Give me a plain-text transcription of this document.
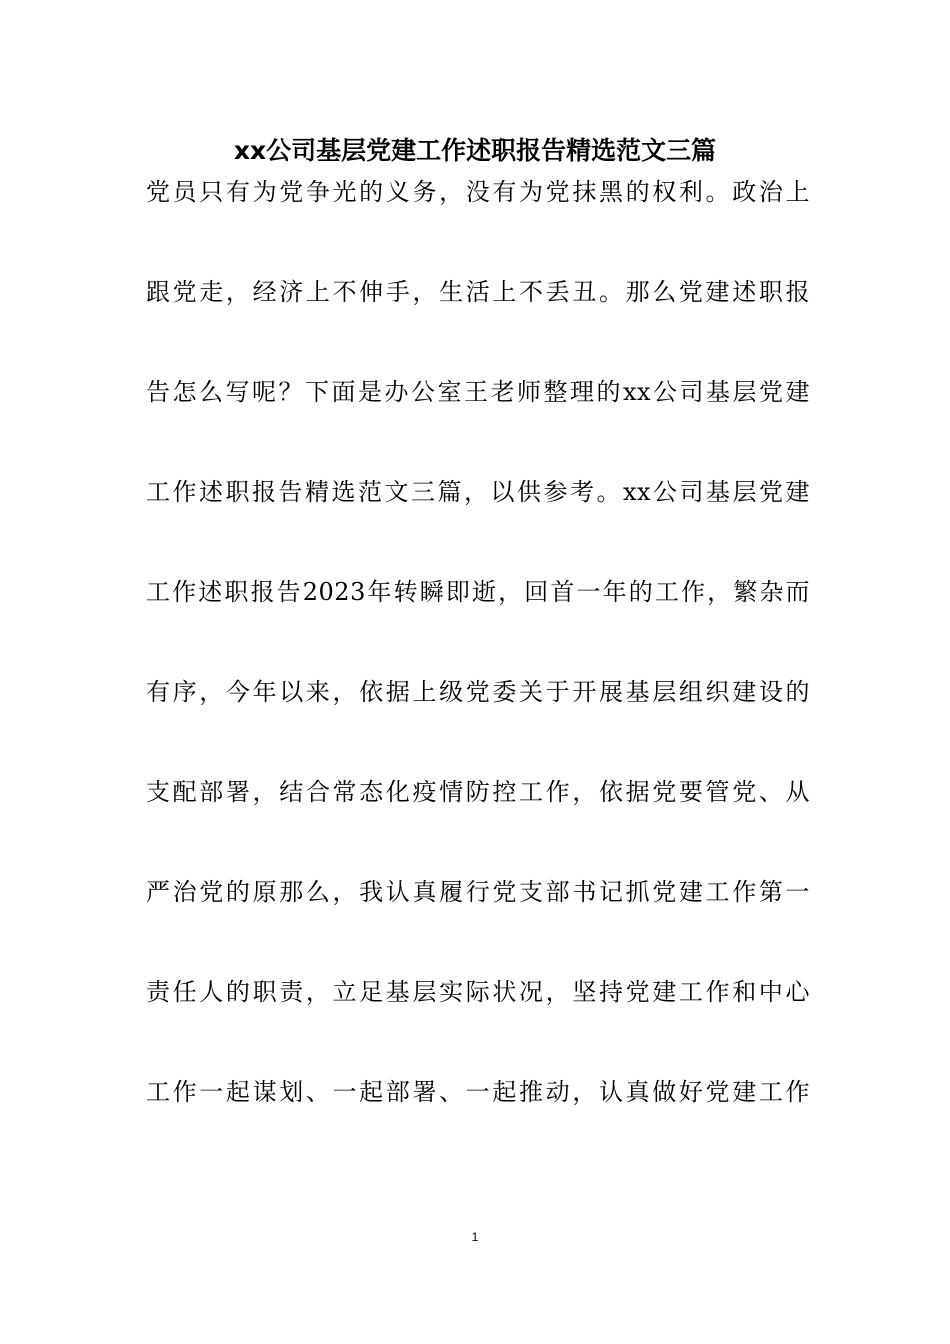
xx公司基层党建工作述职报告精选范文三篇
党员只有为党争光的义务，没有为党抹黑的权利。政治上
跟党走，经济上不伸手，生活上不丢丑。那么党建述职报
告怎么写呢？下面是办公室王老师整理的xx公司基层党建
工作述职报告精选范文三篇，以供参考。xx公司基层党建
工作述职报告2023年转瞬即逝，回首一年的工作，繁杂而
有序，今年以来，依据上级党委关于开展基层组织建设的
支配部署，结合常态化疫情防控工作，依据党要管党、从
严治党的原那么，我认真履行党支部书记抓党建工作第一
责任人的职责，立足基层实际状况，坚持党建工作和中心
工作一起谋划、一起部署、一起推动，认真做好党建工作
1
